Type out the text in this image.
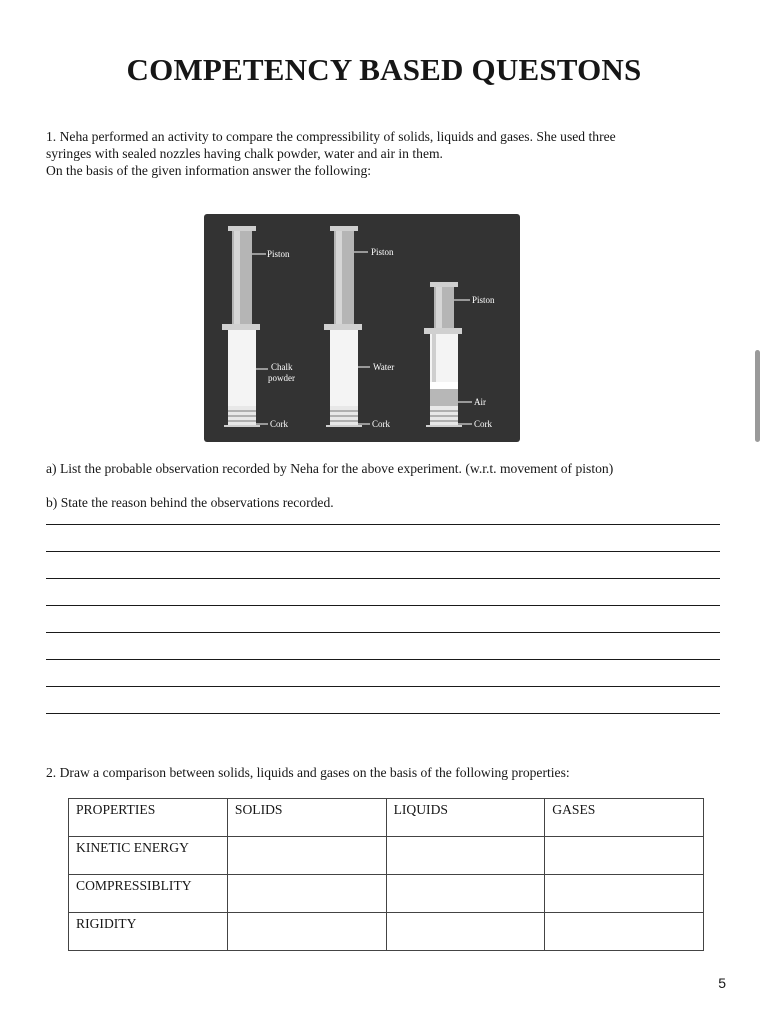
COMPETENCY BASED QUESTONS

1. Neha performed an activity to compare the compressibility of solids, liquids and gases. She used three

syringes with sealed nozzles having chalk powder, water and air in them.

On the basis of the given information answer the following:

Piston
Chalk
powder
Cork
Piston
Water
Cork
Piston
Air
Cork

a) List the probable observation recorded by Neha for the above experiment. (w.r.t. movement of piston)

b) State the reason behind the observations recorded.

2. Draw a comparison between solids, liquids and gases on the basis of the following properties:

PROPERTIES	SOLIDS	LIQUIDS	GASES
KINETIC ENERGY			
COMPRESSIBLITY			
RIGIDITY			
5
